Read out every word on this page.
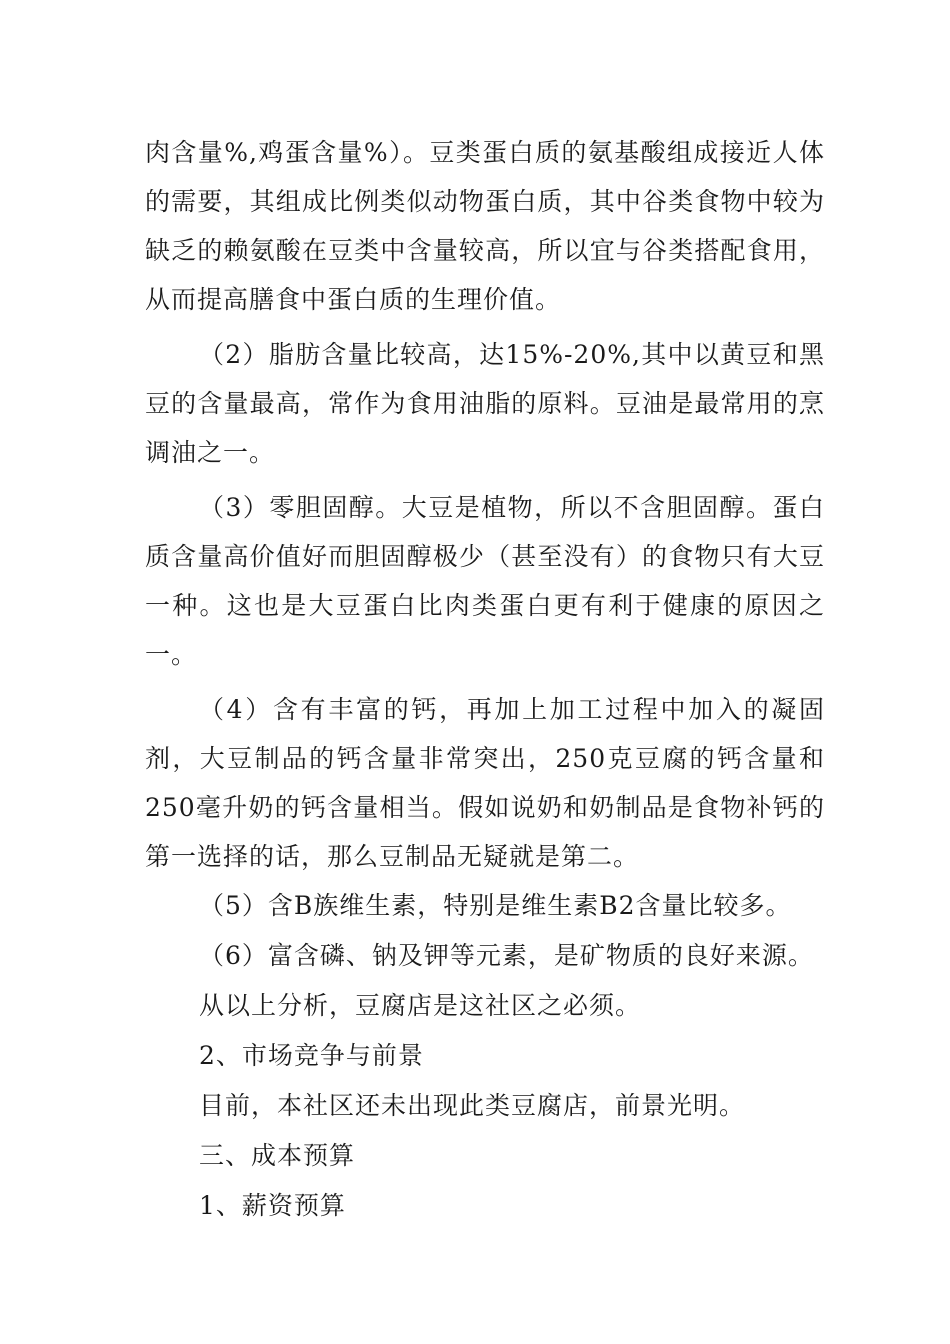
肉含量%,鸡蛋含量%）。豆类蛋白质的氨基酸组成接近人体的需要，其组成比例类似动物蛋白质，其中谷类食物中较为缺乏的赖氨酸在豆类中含量较高，所以宜与谷类搭配食用，从而提高膳食中蛋白质的生理价值。

（2）脂肪含量比较高，达15%-20%,其中以黄豆和黑豆的含量最高，常作为食用油脂的原料。豆油是最常用的烹调油之一。

（3）零胆固醇。大豆是植物，所以不含胆固醇。蛋白质含量高价值好而胆固醇极少（甚至没有）的食物只有大豆一种。这也是大豆蛋白比肉类蛋白更有利于健康的原因之一。

（4）含有丰富的钙，再加上加工过程中加入的凝固剂，大豆制品的钙含量非常突出，250克豆腐的钙含量和250毫升奶的钙含量相当。假如说奶和奶制品是食物补钙的第一选择的话，那么豆制品无疑就是第二。

（5）含B族维生素，特别是维生素B2含量比较多。

（6）富含磷、钠及钾等元素，是矿物质的良好来源。

从以上分析，豆腐店是这社区之必须。

2、市场竞争与前景

目前，本社区还未出现此类豆腐店，前景光明。

三、成本预算

1、薪资预算
